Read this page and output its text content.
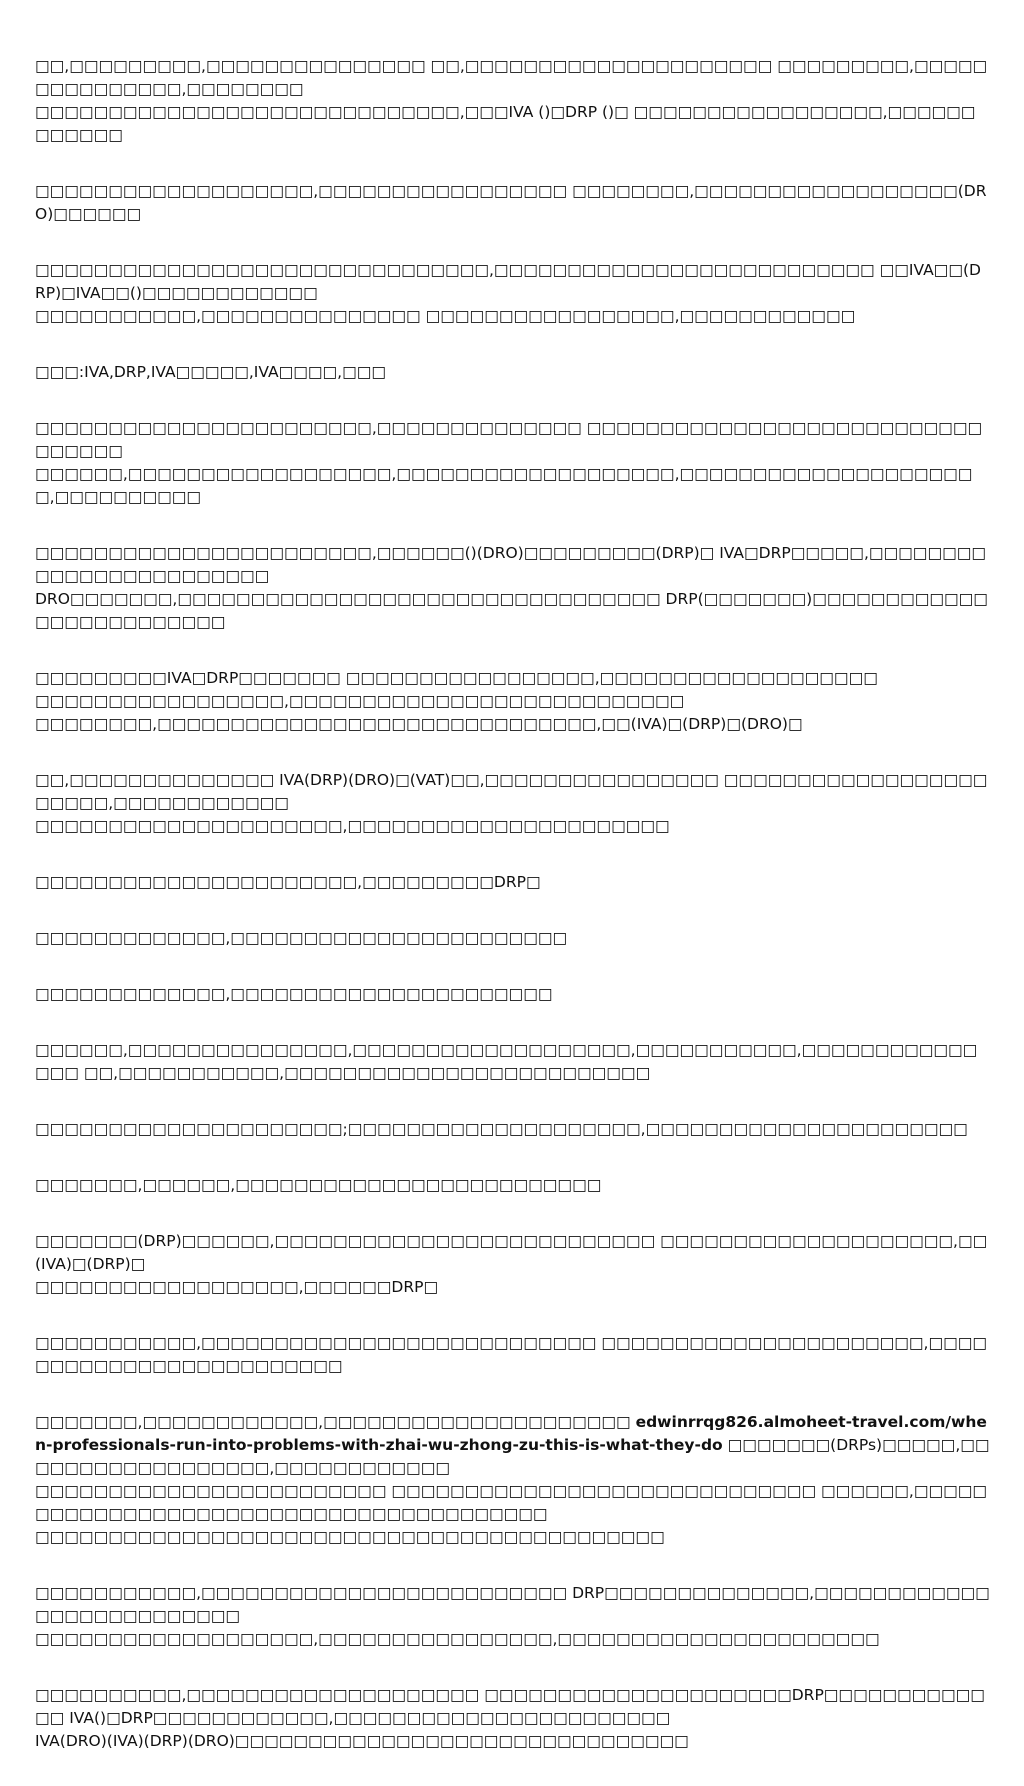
□□,□□□□□□□□□,□□□□□□□□□□□□□□□ □□,□□□□□□□□□□□□□□□□□□□□□ □□□□□□□□□,□□□□□□□□□□□□□□□,□□□□□□□□
□□□□□□□□□□□□□□□□□□□□□□□□□□□□□,□□□IVA ()□DRP ()□ □□□□□□□□□□□□□□□□□,□□□□□□□□□□□□

□□□□□□□□□□□□□□□□□□□,□□□□□□□□□□□□□□□□□ □□□□□□□□,□□□□□□□□□□□□□□□□□□(DRO)□□□□□□

□□□□□□□□□□□□□□□□□□□□□□□□□□□□□□□,□□□□□□□□□□□□□□□□□□□□□□□□□□ □□IVA□□(DRP)□IVA□□()□□□□□□□□□□□□
□□□□□□□□□□□,□□□□□□□□□□□□□□□ □□□□□□□□□□□□□□□□□,□□□□□□□□□□□□

□□□:IVA,DRP,IVA□□□□□,IVA□□□□,□□□

□□□□□□□□□□□□□□□□□□□□□□□,□□□□□□□□□□□□□□ □□□□□□□□□□□□□□□□□□□□□□□□□□□□□□□□□
□□□□□□,□□□□□□□□□□□□□□□□□□,□□□□□□□□□□□□□□□□□□□,□□□□□□□□□□□□□□□□□□□□□,□□□□□□□□□□

□□□□□□□□□□□□□□□□□□□□□□□,□□□□□□()(DRO)□□□□□□□□□(DRP)□ IVA□DRP□□□□□,□□□□□□□□□□□□□□□□□□□□□□□□
DRO□□□□□□□,□□□□□□□□□□□□□□□□□□□□□□□□□□□□□□□□□ DRP(□□□□□□□)□□□□□□□□□□□□□□□□□□□□□□□□□

□□□□□□□□□IVA□DRP□□□□□□□ □□□□□□□□□□□□□□□□□,□□□□□□□□□□□□□□□□□□□
□□□□□□□□□□□□□□□□□,□□□□□□□□□□□□□□□□□□□□□□□□□□□
□□□□□□□□,□□□□□□□□□□□□□□□□□□□□□□□□□□□□□□,□□(IVA)□(DRP)□(DRO)□

□□,□□□□□□□□□□□□□□ IVA(DRP)(DRO)□(VAT)□□,□□□□□□□□□□□□□□□□ □□□□□□□□□□□□□□□□□□□□□□□,□□□□□□□□□□□□
□□□□□□□□□□□□□□□□□□□□□,□□□□□□□□□□□□□□□□□□□□□□

□□□□□□□□□□□□□□□□□□□□□□,□□□□□□□□□DRP□

□□□□□□□□□□□□□,□□□□□□□□□□□□□□□□□□□□□□□

□□□□□□□□□□□□□,□□□□□□□□□□□□□□□□□□□□□□

□□□□□□,□□□□□□□□□□□□□□□,□□□□□□□□□□□□□□□□□□□,□□□□□□□□□□□,□□□□□□□□□□□□□□□ □□,□□□□□□□□□□□,□□□□□□□□□□□□□□□□□□□□□□□□□

□□□□□□□□□□□□□□□□□□□□□;□□□□□□□□□□□□□□□□□□□□,□□□□□□□□□□□□□□□□□□□□□□

□□□□□□□,□□□□□□,□□□□□□□□□□□□□□□□□□□□□□□□□

□□□□□□□(DRP)□□□□□□,□□□□□□□□□□□□□□□□□□□□□□□□□□ □□□□□□□□□□□□□□□□□□□□,□□(IVA)□(DRP)□
□□□□□□□□□□□□□□□□□□,□□□□□□DRP□

□□□□□□□□□□□,□□□□□□□□□□□□□□□□□□□□□□□□□□□ □□□□□□□□□□□□□□□□□□□□□□,□□□□□□□□□□□□□□□□□□□□□□□□□

□□□□□□□,□□□□□□□□□□□□,□□□□□□□□□□□□□□□□□□□□□ edwinrrqg826.almoheet-travel.com/when-professionals-run-into-problems-with-zhai-wu-zhong-zu-this-is-what-they-do □□□□□□□(DRPs)□□□□□,□□□□□□□□□□□□□□□□□□,□□□□□□□□□□□□
□□□□□□□□□□□□□□□□□□□□□□□□ □□□□□□□□□□□□□□□□□□□□□□□□□□□□□ □□□□□□,□□□□□□□□□□□□□□□□□□□□□□□□□□□□□□□□□□□□□□□□
□□□□□□□□□□□□□□□□□□□□□□□□□□□□□□□□□□□□□□□□□□□

□□□□□□□□□□□,□□□□□□□□□□□□□□□□□□□□□□□□□ DRP□□□□□□□□□□□□□□,□□□□□□□□□□□□□□□□□□□□□□□□□□
□□□□□□□□□□□□□□□□□□□,□□□□□□□□□□□□□□□□,□□□□□□□□□□□□□□□□□□□□□□

□□□□□□□□□□,□□□□□□□□□□□□□□□□□□□□ □□□□□□□□□□□□□□□□□□□□□DRP□□□□□□□□□□□□□ IVA()□DRP□□□□□□□□□□□□,□□□□□□□□□□□□□□□□□□□□□□□
IVA(DRO)(IVA)(DRP)(DRO)□□□□□□□□□□□□□□□□□□□□□□□□□□□□□□□
